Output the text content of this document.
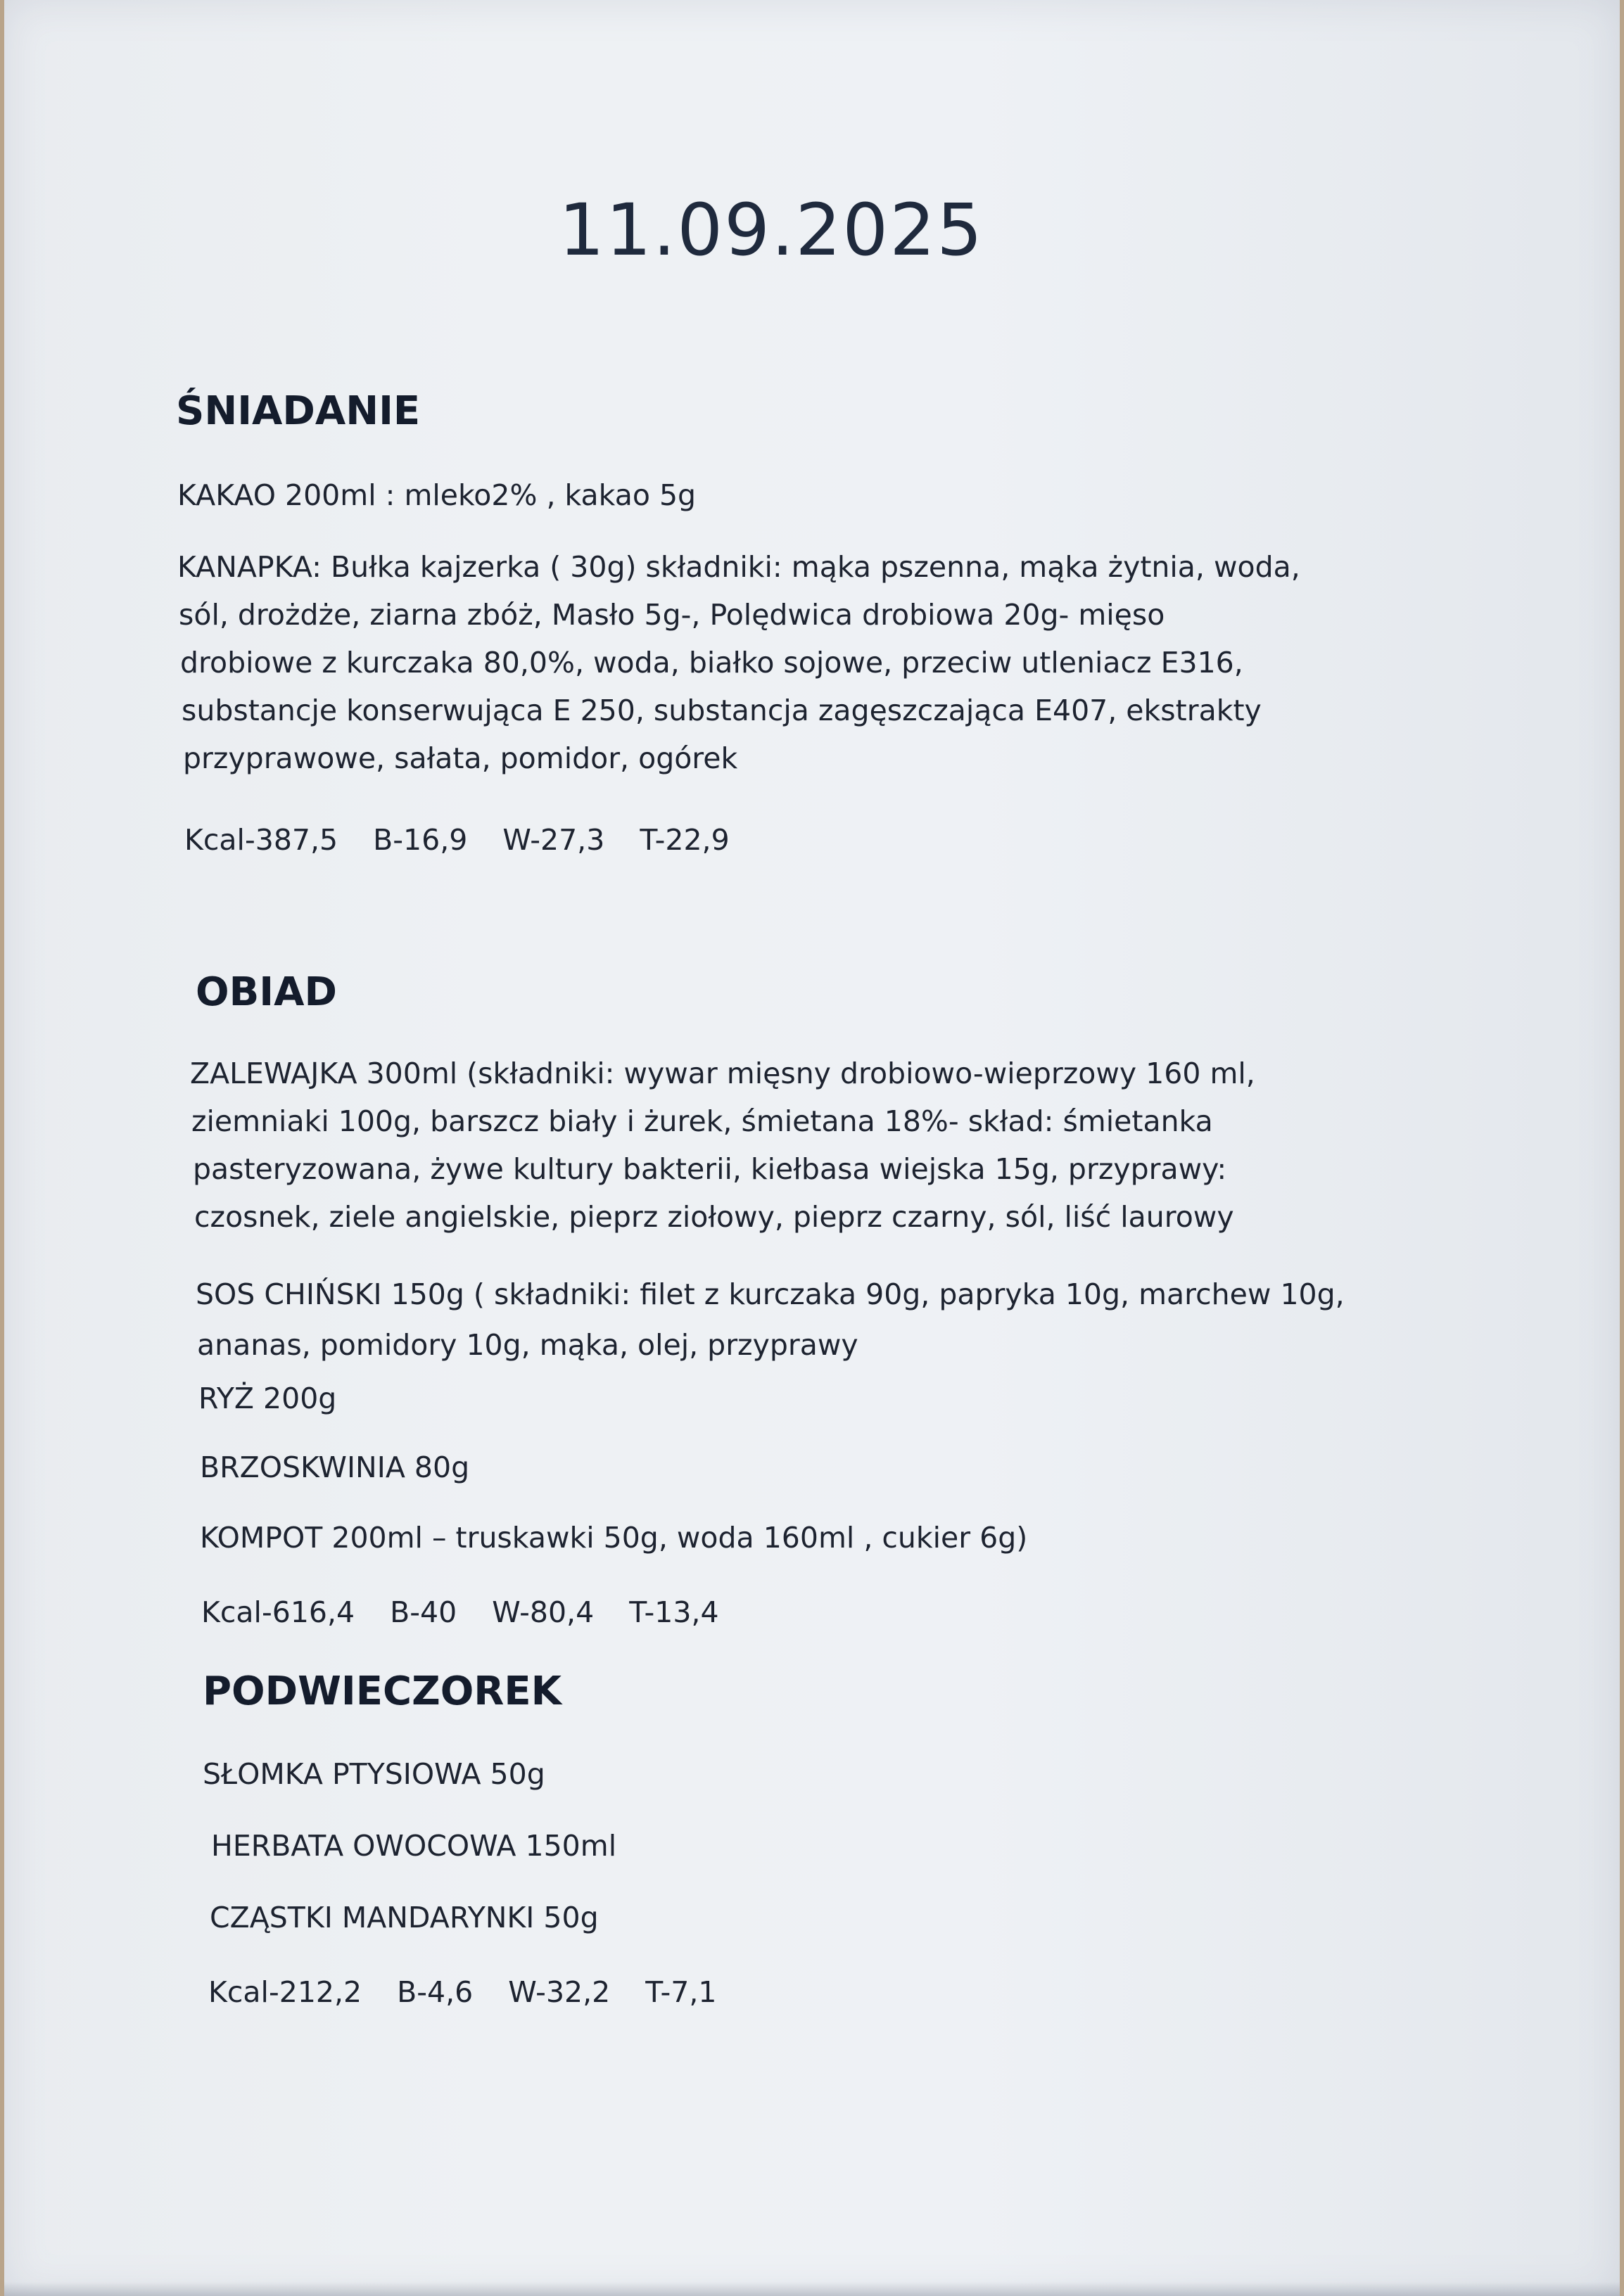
11.09.2025
ŚNIADANIE
KAKAO 200ml : mleko2% , kakao 5g
KANAPKA: Bułka kajzerka ( 30g) składniki: mąka pszenna, mąka żytnia, woda,
sól, drożdże, ziarna zbóż, Masło 5g-, Polędwica drobiowa 20g- mięso
drobiowe z kurczaka 80,0%, woda, białko sojowe, przeciw utleniacz E316,
substancje konserwująca E 250, substancja zagęszczająca E407, ekstrakty
przyprawowe, sałata, pomidor, ogórek
Kcal-387,5 B-16,9 W-27,3 T-22,9
OBIAD
ZALEWAJKA 300ml (składniki: wywar mięsny drobiowo-wieprzowy 160 ml,
ziemniaki 100g, barszcz biały i żurek, śmietana 18%- skład: śmietanka
pasteryzowana, żywe kultury bakterii, kiełbasa wiejska 15g, przyprawy:
czosnek, ziele angielskie, pieprz ziołowy, pieprz czarny, sól, liść laurowy
SOS CHIŃSKI 150g ( składniki: filet z kurczaka 90g, papryka 10g, marchew 10g,
ananas, pomidory 10g, mąka, olej, przyprawy
RYŻ 200g
BRZOSKWINIA 80g
KOMPOT 200ml – truskawki 50g, woda 160ml , cukier 6g)
Kcal-616,4 B-40 W-80,4 T-13,4
PODWIECZOREK
SŁOMKA PTYSIOWA 50g
HERBATA OWOCOWA 150ml
CZĄSTKI MANDARYNKI 50g
Kcal-212,2 B-4,6 W-32,2 T-7,1
